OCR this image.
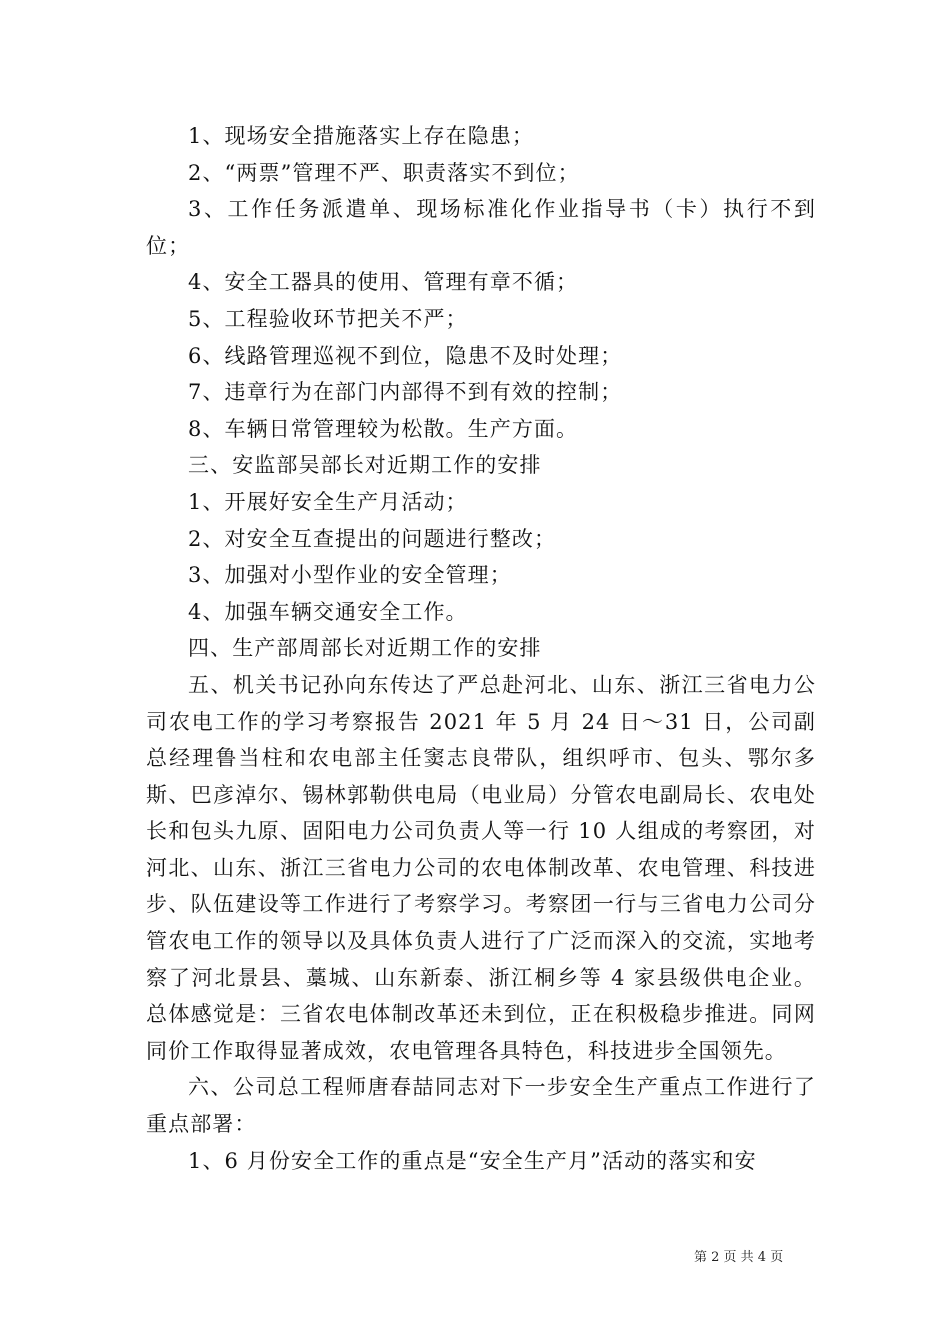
1、现场安全措施落实上存在隐患；

2、“两票”管理不严、职责落实不到位；

3、工作任务派遣单、现场标准化作业指导书（卡）执行不到位；

4、安全工器具的使用、管理有章不循；

5、工程验收环节把关不严；

6、线路管理巡视不到位，隐患不及时处理；

7、违章行为在部门内部得不到有效的控制；

8、车辆日常管理较为松散。生产方面。

三、安监部吴部长对近期工作的安排

1、开展好安全生产月活动；

2、对安全互查提出的问题进行整改；

3、加强对小型作业的安全管理；

4、加强车辆交通安全工作。

四、生产部周部长对近期工作的安排

五、机关书记孙向东传达了严总赴河北、山东、浙江三省电力公司农电工作的学习考察报告 2021 年 5 月 24 日～31 日，公司副总经理鲁当柱和农电部主任窦志良带队，组织呼市、包头、鄂尔多斯、巴彦淖尔、锡林郭勒供电局（电业局）分管农电副局长、农电处长和包头九原、固阳电力公司负责人等一行 10 人组成的考察团，对河北、山东、浙江三省电力公司的农电体制改革、农电管理、科技进步、队伍建设等工作进行了考察学习。考察团一行与三省电力公司分管农电工作的领导以及具体负责人进行了广泛而深入的交流，实地考察了河北景县、藁城、山东新泰、浙江桐乡等 4 家县级供电企业。总体感觉是：三省农电体制改革还未到位，正在积极稳步推进。同网同价工作取得显著成效，农电管理各具特色，科技进步全国领先。

六、公司总工程师唐春喆同志对下一步安全生产重点工作进行了重点部署：

1、6 月份安全工作的重点是“安全生产月”活动的落实和安

第 2 页 共 4 页
